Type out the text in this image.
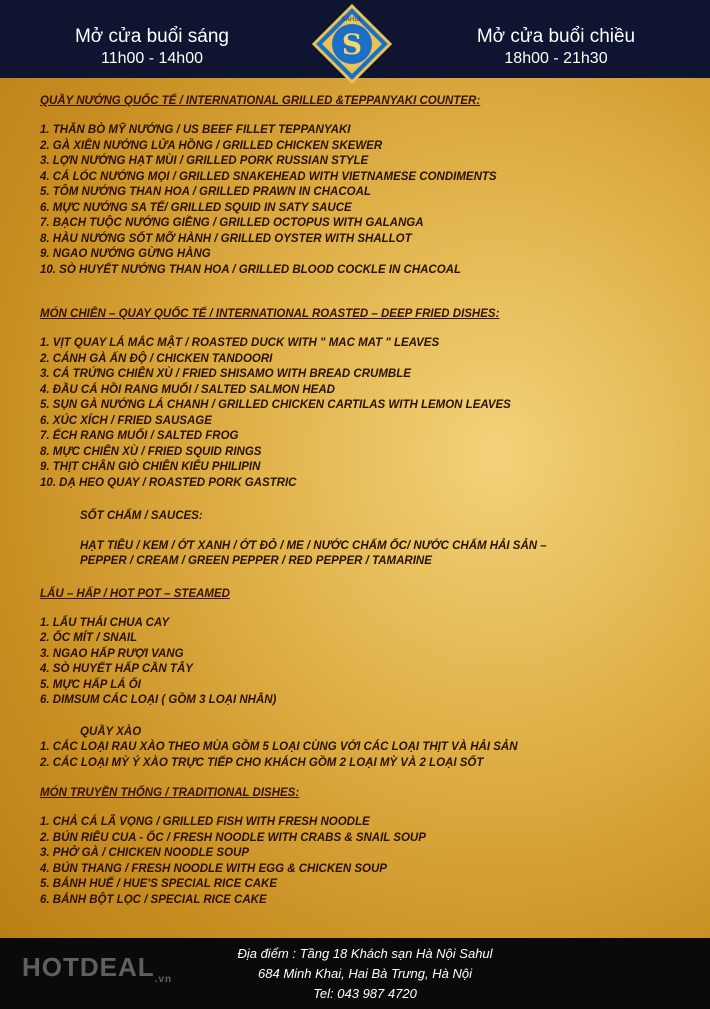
Mở cửa buổi sáng
11h00 - 14h00
Mở cửa buổi chiều
18h00 - 21h30
S
SAHUL

QUẦY NƯỚNG QUỐC TẾ / INTERNATIONAL GRILLED &TEPPANYAKI COUNTER:

1. THĂN BÒ MỸ NƯỚNG / US BEEF FILLET TEPPANYAKI

2. GÀ XIÊN NƯỚNG LỬA HỒNG / GRILLED CHICKEN SKEWER

3. LỢN NƯỚNG HẠT MÙI / GRILLED PORK RUSSIAN STYLE

4. CÁ LÓC NƯỚNG MỌI / GRILLED SNAKEHEAD WITH VIETNAMESE CONDIMENTS

5. TÔM NƯỚNG THAN HOA / GRILLED PRAWN IN CHACOAL

6. MỰC NƯỚNG SA TẾ/ GRILLED SQUID IN SATY SAUCE

7. BẠCH TUỘC NƯỚNG GIỀNG / GRILLED OCTOPUS WITH GALANGA

8. HÀU NƯỚNG SỐT MỠ HÀNH / GRILLED OYSTER WITH SHALLOT

9. NGAO NƯỚNG GỪNG HÀNG

10. SÒ HUYẾT NƯỚNG THAN HOA / GRILLED BLOOD COCKLE IN CHACOAL

MÓN CHIÊN – QUAY QUỐC TẾ / INTERNATIONAL ROASTED – DEEP FRIED DISHES:

1. VỊT QUAY LÁ MẮC MẬT / ROASTED DUCK WITH " MAC MAT " LEAVES

2. CÁNH GÀ ẤN ĐỘ / CHICKEN TANDOORI

3. CÁ TRỨNG CHIÊN XÙ / FRIED SHISAMO WITH BREAD CRUMBLE

4. ĐẦU CÁ HỒI RANG MUỐI / SALTED SALMON HEAD

5. SỤN GÀ NƯỚNG LÁ CHANH / GRILLED CHICKEN CARTILAS WITH LEMON LEAVES

6. XÚC XÍCH / FRIED SAUSAGE

7. ẾCH RANG MUỐI / SALTED FROG

8. MỰC CHIÊN XÙ / FRIED SQUID RINGS

9. THỊT CHÂN GIÒ CHIÊN KIỂU PHILIPIN

10. DẠ HEO QUAY / ROASTED PORK GASTRIC

SỐT CHẤM / SAUCES:

HẠT TIÊU / KEM / ỚT XANH / ỚT ĐỎ / ME / NƯỚC CHẤM ỐC/ NƯỚC CHẤM HẢI SẢN –

PEPPER / CREAM / GREEN PEPPER / RED PEPPER / TAMARINE

LẨU – HẤP / HOT POT – STEAMED

1. LẨU THÁI CHUA CAY

2. ỐC MÍT / SNAIL

3. NGAO HẤP RƯỢI VANG

4. SÒ HUYẾT HẤP CẦN TÂY

5. MỰC HẤP LÁ ỔI

6. DIMSUM CÁC LOẠI ( GỒM 3 LOẠI NHÂN)

QUẦY XÀO

1. CÁC LOẠI RAU XÀO THEO MÙA GỒM 5 LOẠI CÙNG VỚI CÁC LOẠI THỊT VÀ HẢI SẢN

2. CÁC LOẠI MỲ Ý XÀO TRỰC TIẾP CHO KHÁCH GỒM 2 LOẠI MỲ VÀ 2 LOẠI SỐT

MÓN TRUYỀN THỐNG / TRADITIONAL DISHES:

1. CHẢ CÁ LÃ VỌNG / GRILLED FISH WITH FRESH NOODLE

2. BÚN RIÊU CUA - ỐC / FRESH NOODLE WITH CRABS & SNAIL SOUP

3. PHỞ GÀ / CHICKEN NOODLE SOUP

4. BÚN THANG / FRESH NOODLE WITH EGG & CHICKEN SOUP

5. BÁNH HUẾ / HUE'S SPECIAL RICE CAKE

6. BÁNH BỘT LỌC / SPECIAL RICE CAKE

$HOTDEAL_{.vn}$
Địa điểm : Tầng 18 Khách sạn Hà Nội Sahul
684 Minh Khai, Hai Bà Trưng, Hà Nội
Tel: 043 987 4720
